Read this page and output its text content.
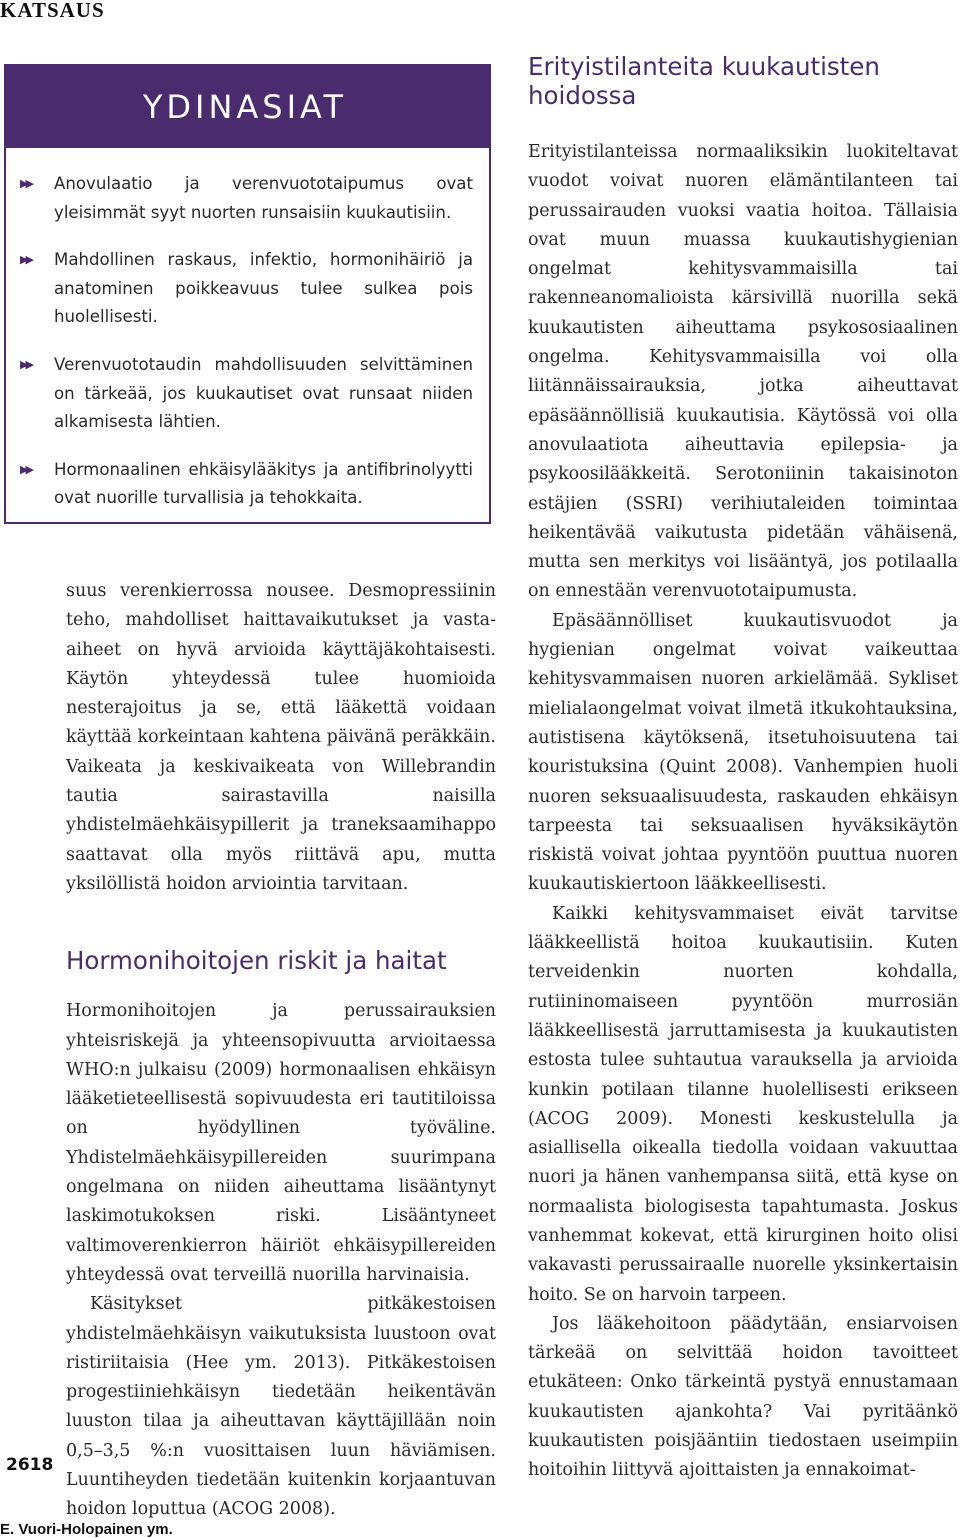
KATSAUS
YDINASIAT
▶▶	Anovulaatio ja verenvuototaipumus ovat yleisimmät syyt nuorten runsaisiin kuukautisiin.
▶▶	Mahdollinen raskaus, infektio, hormonihäiriö ja anatominen poikkeavuus tulee sulkea pois huolellisesti.
▶▶	Verenvuototaudin mahdollisuuden selvittäminen on tärkeää, jos kuukautiset ovat runsaat niiden alkamisesta lähtien.
▶▶	Hormonaalinen ehkäisylääkitys ja antifibrinolyytti ovat nuorille turvallisia ja tehokkaita.

suus verenkierrossa nousee. Desmopressiinin teho, mahdolliset haittavaikutukset ja vasta-aiheet on hyvä arvioida käyttäjäkohtaisesti. Käytön yhteydessä tulee huomioida nesterajoitus ja se, että lääkettä voidaan käyttää korkeintaan kahtena päivänä peräkkäin. Vaikeata ja keskivaikeata von Willebrandin tautia sairastavilla naisilla yhdistelmäehkäisypillerit ja traneksaamihappo saattavat olla myös riittävä apu, mutta yksilöllistä hoidon arviointia tarvitaan.

Hormonihoitojen riskit ja haitat

Hormonihoitojen ja perussairauksien yhteisriskejä ja yhteensopivuutta arvioitaessa WHO:n julkaisu (2009) hormonaalisen ehkäisyn lääketieteellisestä sopivuudesta eri tautitiloissa on hyödyllinen työväline. Yhdistelmäehkäisypillereiden suurimpana ongelmana on niiden aiheuttama lisääntynyt laskimotukoksen riski. Lisääntyneet valtimoverenkierron häiriöt ehkäisypillereiden yhteydessä ovat terveillä nuorilla harvinaisia.

Käsitykset pitkäkestoisen yhdistelmäehkäisyn vaikutuksista luustoon ovat ristiriitaisia (Hee ym. 2013). Pitkäkestoisen progestiiniehkäisyn tiedetään heikentävän luuston tilaa ja aiheuttavan käyttäjillään noin 0,5–3,5 %:n vuosittaisen luun häviämisen. Luuntiheyden tiedetään kuitenkin korjaantuvan hoidon loputtua (ACOG 2008).

Erityistilanteita kuukautisten hoidossa

Erityistilanteissa normaaliksikin luokiteltavat vuodot voivat nuoren elämäntilanteen tai perussairauden vuoksi vaatia hoitoa. Tällaisia ovat muun muassa kuukautishygienian ongelmat kehitysvammaisilla tai rakenneanomalioista kärsivillä nuorilla sekä kuukautisten aiheuttama psykososiaalinen ongelma. Kehitysvammaisilla voi olla liitännäissairauksia, jotka aiheuttavat epäsäännöllisiä kuukautisia. Käytössä voi olla anovulaatiota aiheuttavia epilepsia- ja psykoosilääkkeitä. Serotoniinin takaisinoton estäjien (SSRI) verihiutaleiden toimintaa heikentävää vaikutusta pidetään vähäisenä, mutta sen merkitys voi lisääntyä, jos potilaalla on ennestään verenvuototaipumusta.

Epäsäännölliset kuukautisvuodot ja hygienian ongelmat voivat vaikeuttaa kehitysvammaisen nuoren arkielämää. Sykliset mielialaongelmat voivat ilmetä itkukohtauksina, autistisena käytöksenä, itsetuhoisuutena tai kouristuksina (Quint 2008). Vanhempien huoli nuoren seksuaalisuudesta, raskauden ehkäisyn tarpeesta tai seksuaalisen hyväksikäytön riskistä voivat johtaa pyyntöön puuttua nuoren kuukautiskiertoon lääkkeellisesti.

Kaikki kehitysvammaiset eivät tarvitse lääkkeellistä hoitoa kuukautisiin. Kuten terveidenkin nuorten kohdalla, rutiininomaiseen pyyntöön murrosiän lääkkeellisestä jarruttamisesta ja kuukautisten estosta tulee suhtautua varauksella ja arvioida kunkin potilaan tilanne huolellisesti erikseen (ACOG 2009). Monesti keskustelulla ja asiallisella oikealla tiedolla voidaan vakuuttaa nuori ja hänen vanhempansa siitä, että kyse on normaalista biologisesta tapahtumasta. Joskus vanhemmat kokevat, että kirurginen hoito olisi vakavasti perussairaalle nuorelle yksinkertaisin hoito. Se on harvoin tarpeen.

Jos lääkehoitoon päädytään, ensiarvoisen tärkeää on selvittää hoidon tavoitteet etukäteen: Onko tärkeintä pystyä ennustamaan kuukautisten ajankohta? Vai pyritäänkö kuukautisten poisjääntiin tiedostaen useimpiin hoitoihin liittyvä ajoittaisten ja ennakoimat-

2618
E. Vuori-Holopainen ym.
